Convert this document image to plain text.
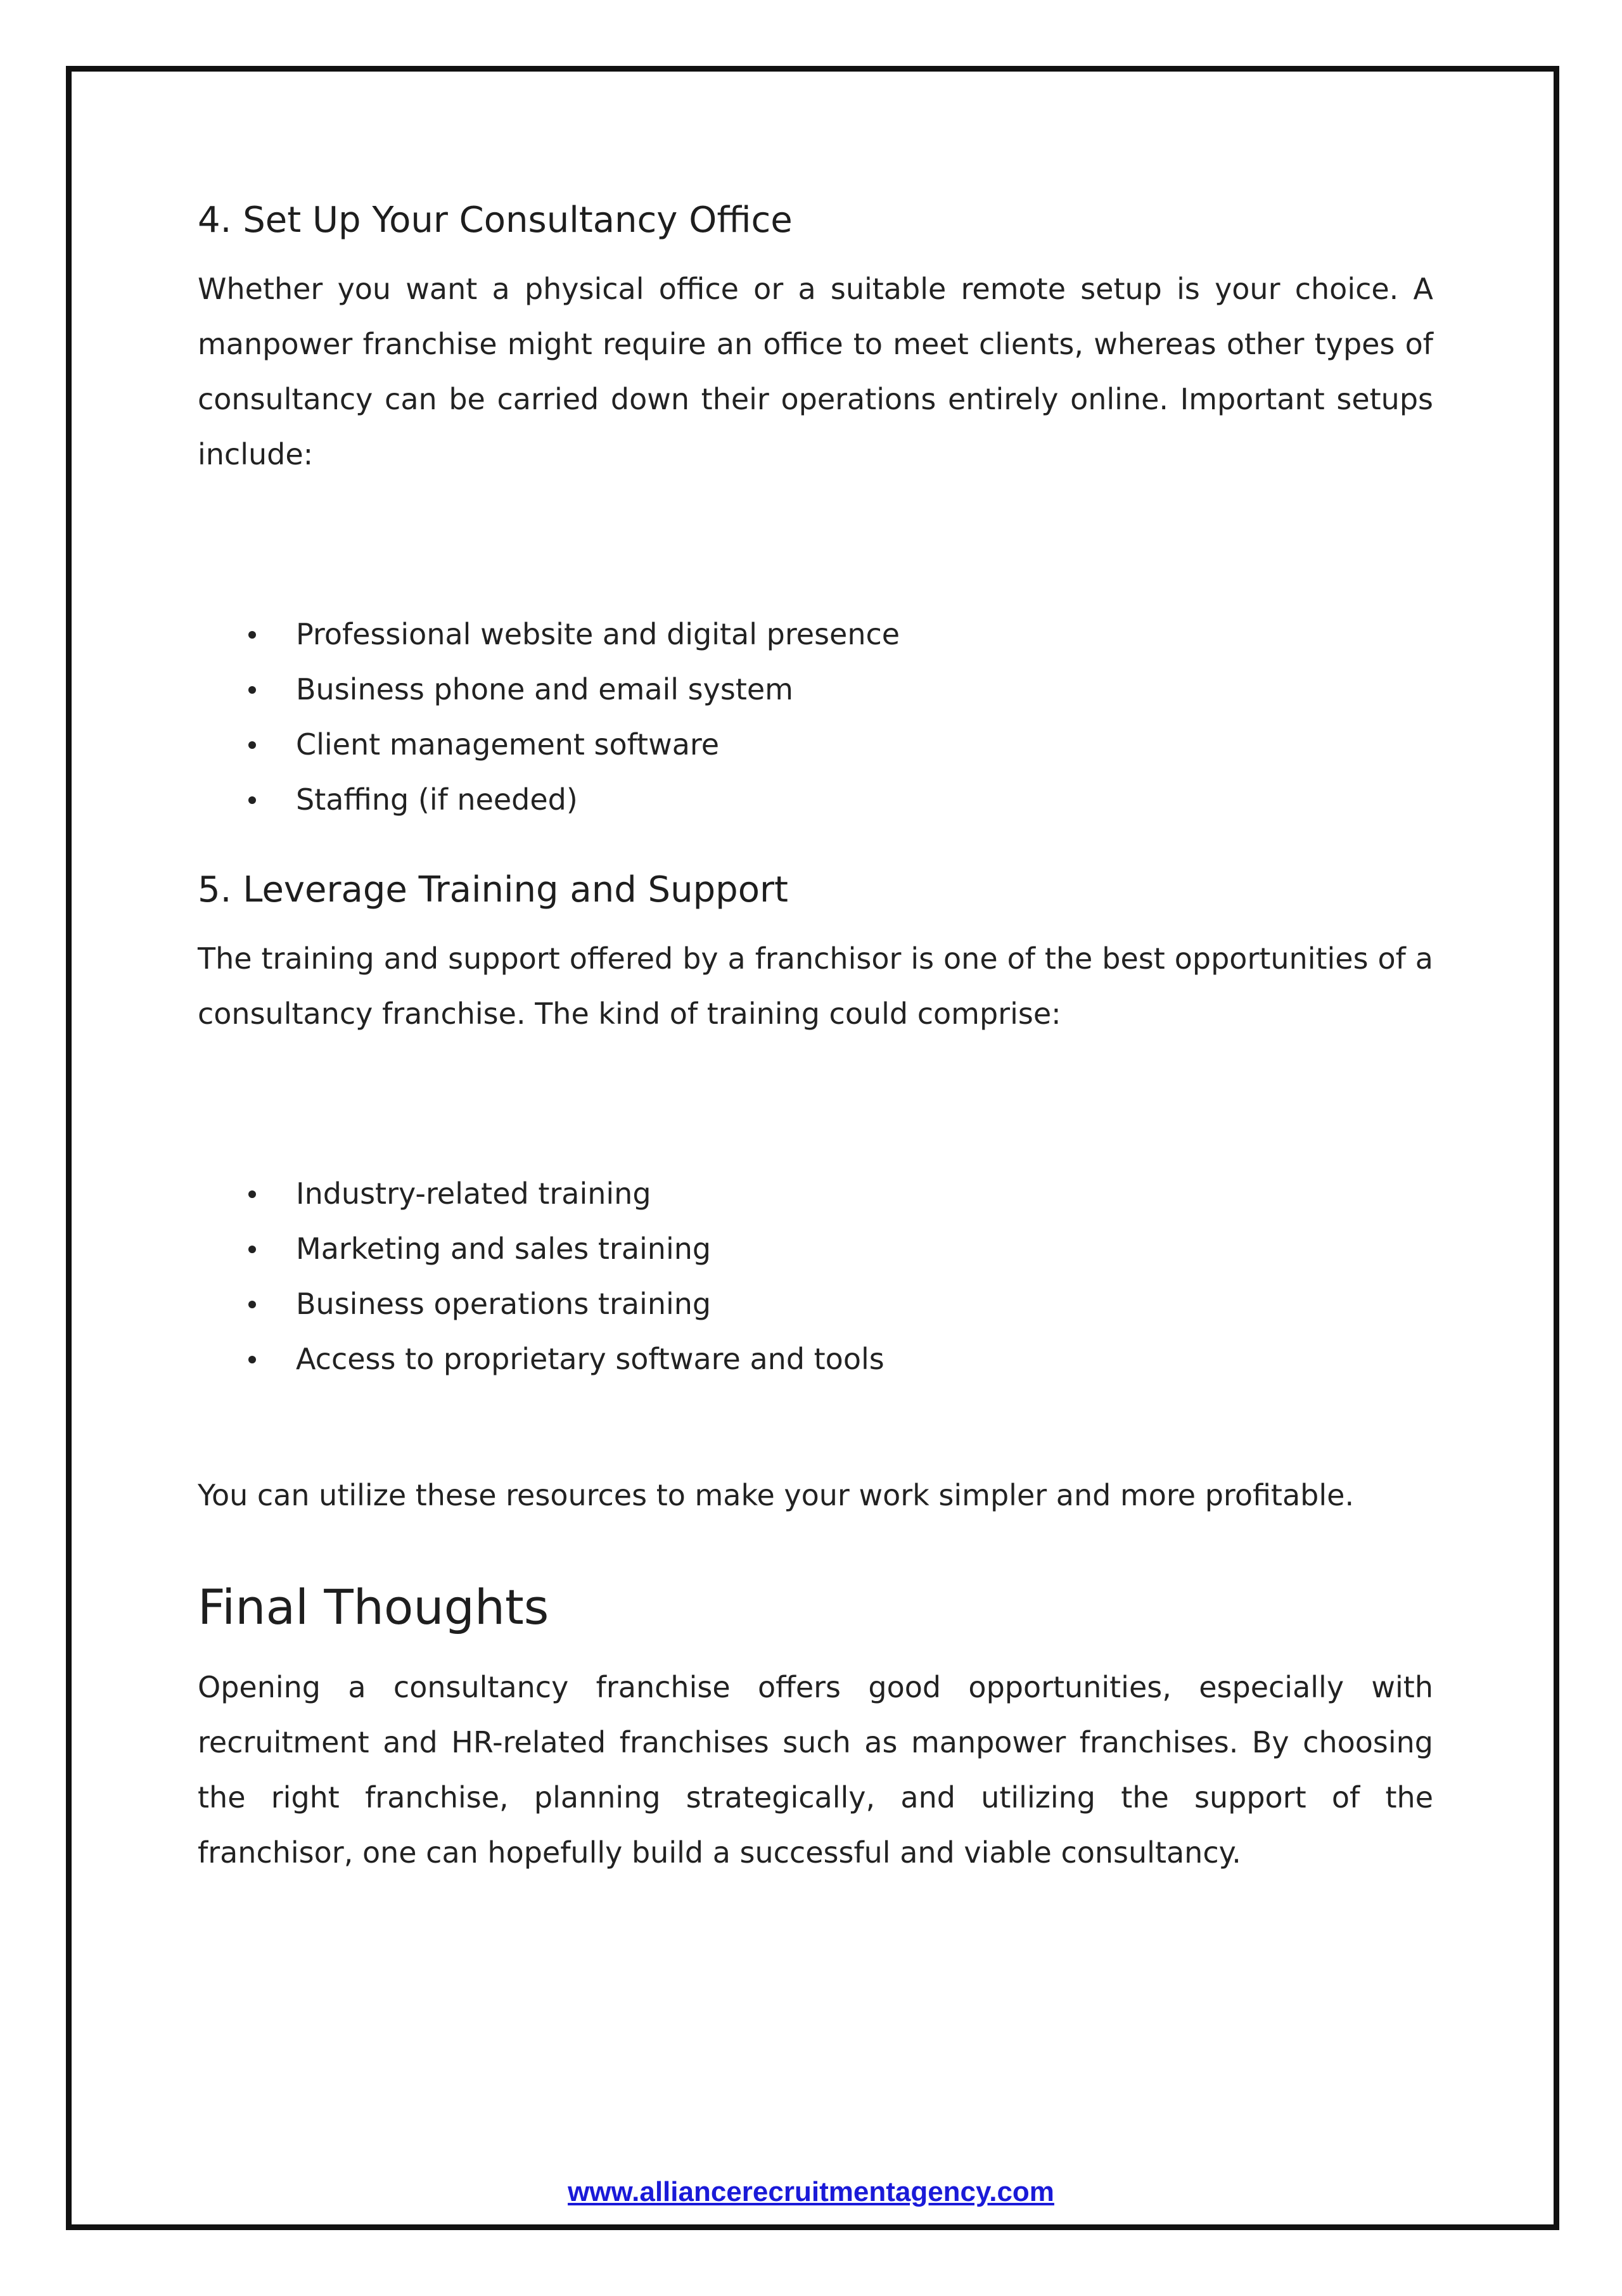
4. Set Up Your Consultancy Office

Whether you want a physical office or a suitable remote setup is your choice. A manpower franchise might require an office to meet clients, whereas other types of consultancy can be carried down their operations entirely online. Important setups include:

Professional website and digital presence
Business phone and email system
Client management software
Staffing (if needed)
5. Leverage Training and Support

The training and support offered by a franchisor is one of the best opportunities of a consultancy franchise. The kind of training could comprise:

Industry-related training
Marketing and sales training
Business operations training
Access to proprietary software and tools

You can utilize these resources to make your work simpler and more profitable.

Final Thoughts

Opening a consultancy franchise offers good opportunities, especially with recruitment and HR-related franchises such as manpower franchises. By choosing the right franchise, planning strategically, and utilizing the support of the franchisor, one can hopefully build a successful and viable consultancy.

www.alliancerecruitmentagency.com
